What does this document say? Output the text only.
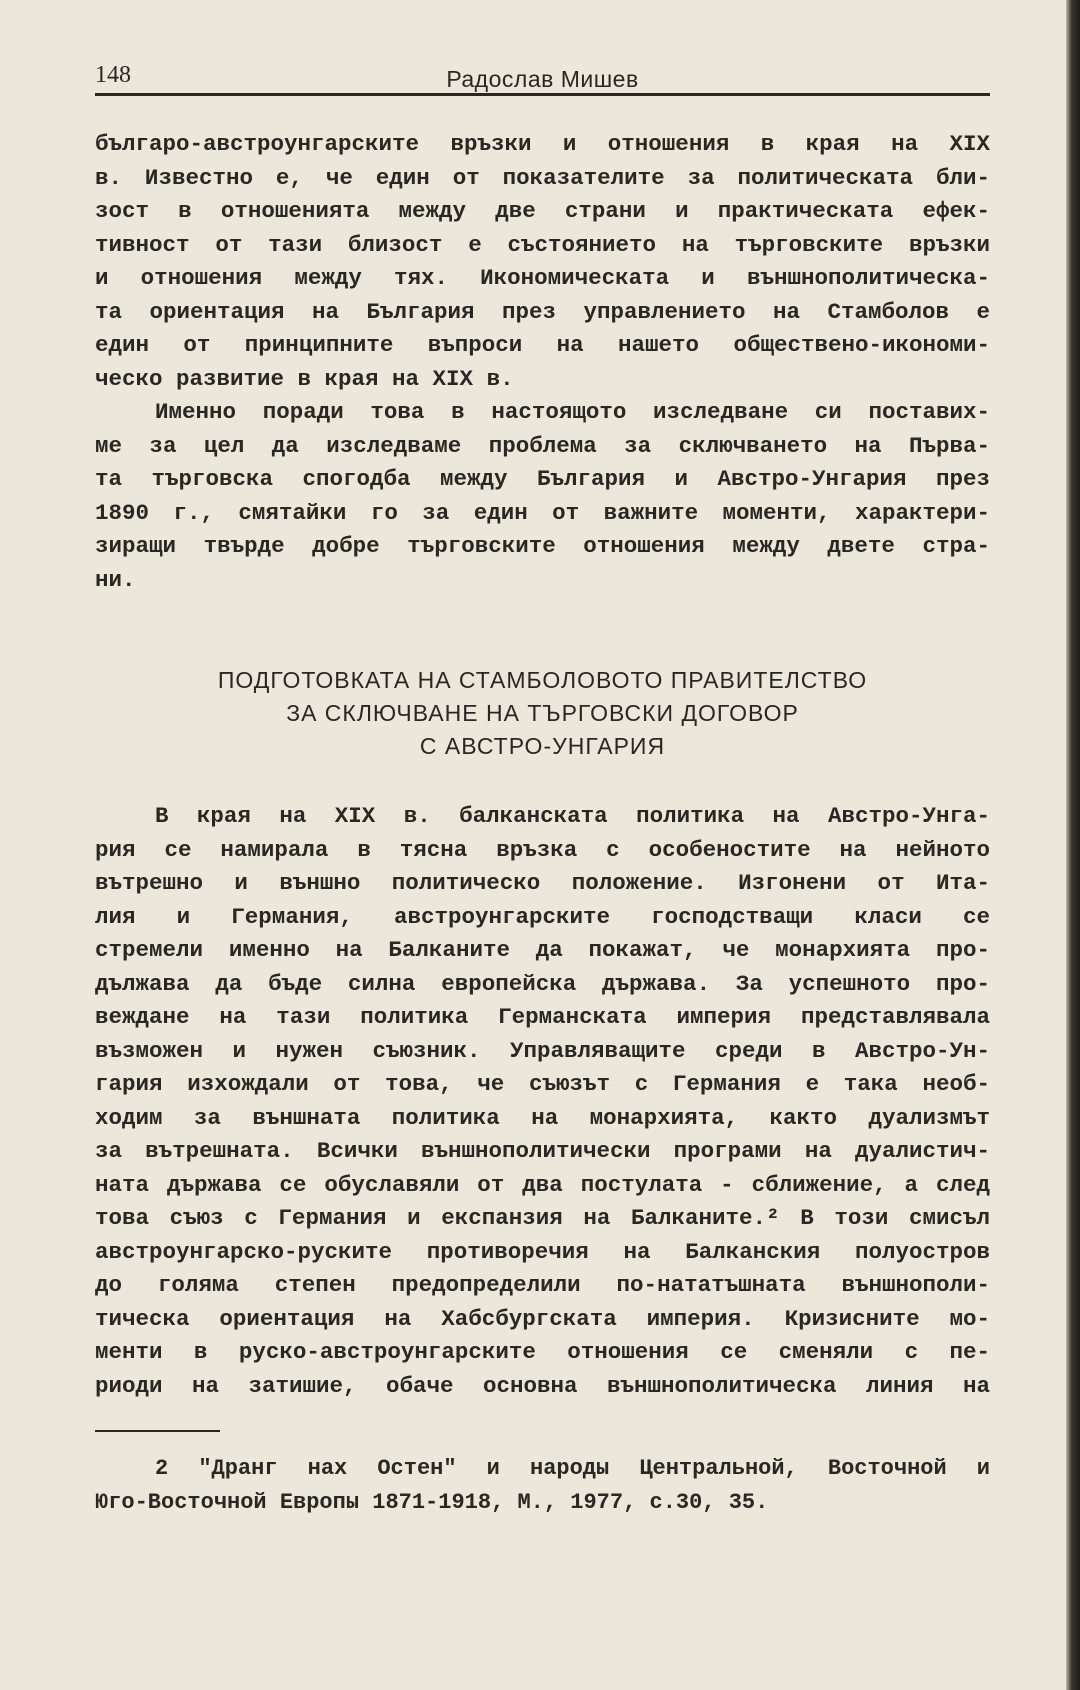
148	Радослав Мишев
българо-австроунгарските връзки и отношения в края на XIX
в. Известно е, че един от показателите за политическата бли-
зост в отношенията между две страни и практическата ефек-
тивност от тази близост е състоянието на търговските връзки
и отношения между тях. Икономическата и външнополитическа-
та ориентация на България през управлението на Стамболов е
един от принципните въпроси на нашето обществено-икономи-
ческо развитие в края на XIX в.
Именно поради това в настоящото изследване си поставих-
ме за цел да изследваме проблема за сключването на Първа-
та търговска спогодба между България и Австро-Унгария през
1890 г., смятайки го за един от важните моменти, характери-
зиращи твърде добре търговските отношения между двете стра-
ни.
ПОДГОТОВКАТА НА СТАМБОЛОВОТО ПРАВИТЕЛСТВО
ЗА СКЛЮЧВАНЕ НА ТЪРГОВСКИ ДОГОВОР
С АВСТРО-УНГАРИЯ
В края на XIX в. балканската политика на Австро-Унга-
рия се намирала в тясна връзка с особеностите на нейното
вътрешно и външно политическо положение. Изгонени от Ита-
лия и Германия, австроунгарските господстващи класи се
стремели именно на Балканите да покажат, че монархията про-
дължава да бъде силна европейска държава. За успешното про-
веждане на тази политика Германската империя представлявала
възможен и нужен съюзник. Управляващите среди в Австро-Ун-
гария изхождали от това, че съюзът с Германия е така необ-
ходим за външната политика на монархията, както дуализмът
за вътрешната. Всички външнополитически програми на дуалистич-
ната държава се обуславяли от два постулата - сближение, а след
това съюз с Германия и експанзия на Балканите.² В този смисъл
австроунгарско-руските противоречия на Балканския полуостров
до голяма степен предопределили по-нататъшната външнополи-
тическа ориентация на Хабсбургската империя. Кризисните мо-
менти в руско-австроунгарските отношения се сменяли с пе-
риоди на затишие, обаче основна външнополитическа линия на
2 "Дранг нах Остен" и народы Центральной, Восточной и
Юго-Восточной Европы 1871-1918, М., 1977, с.30, 35.
